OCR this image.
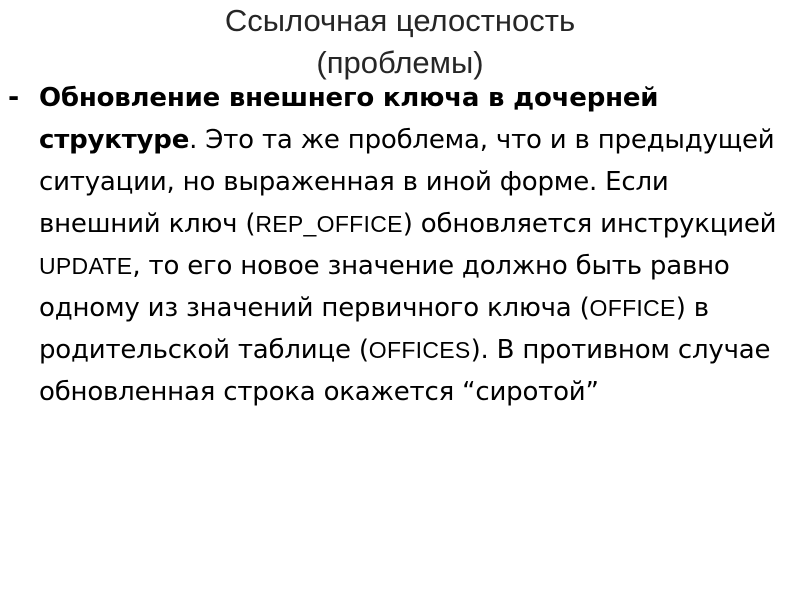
Ссылочная целостность
(проблемы)
- Обновление внешнего ключа в дочерней структуре. Это та же проблема, что и в предыдущей ситуации, но выраженная в иной форме. Если внешний ключ (REP_OFFICE) обновляется инструкцией UPDATE, то его новое значение должно быть равно одному из значений первичного ключа (OFFICE) в родительской таблице (OFFICES). В противном случае обновленная строка окажется “сиротой”
